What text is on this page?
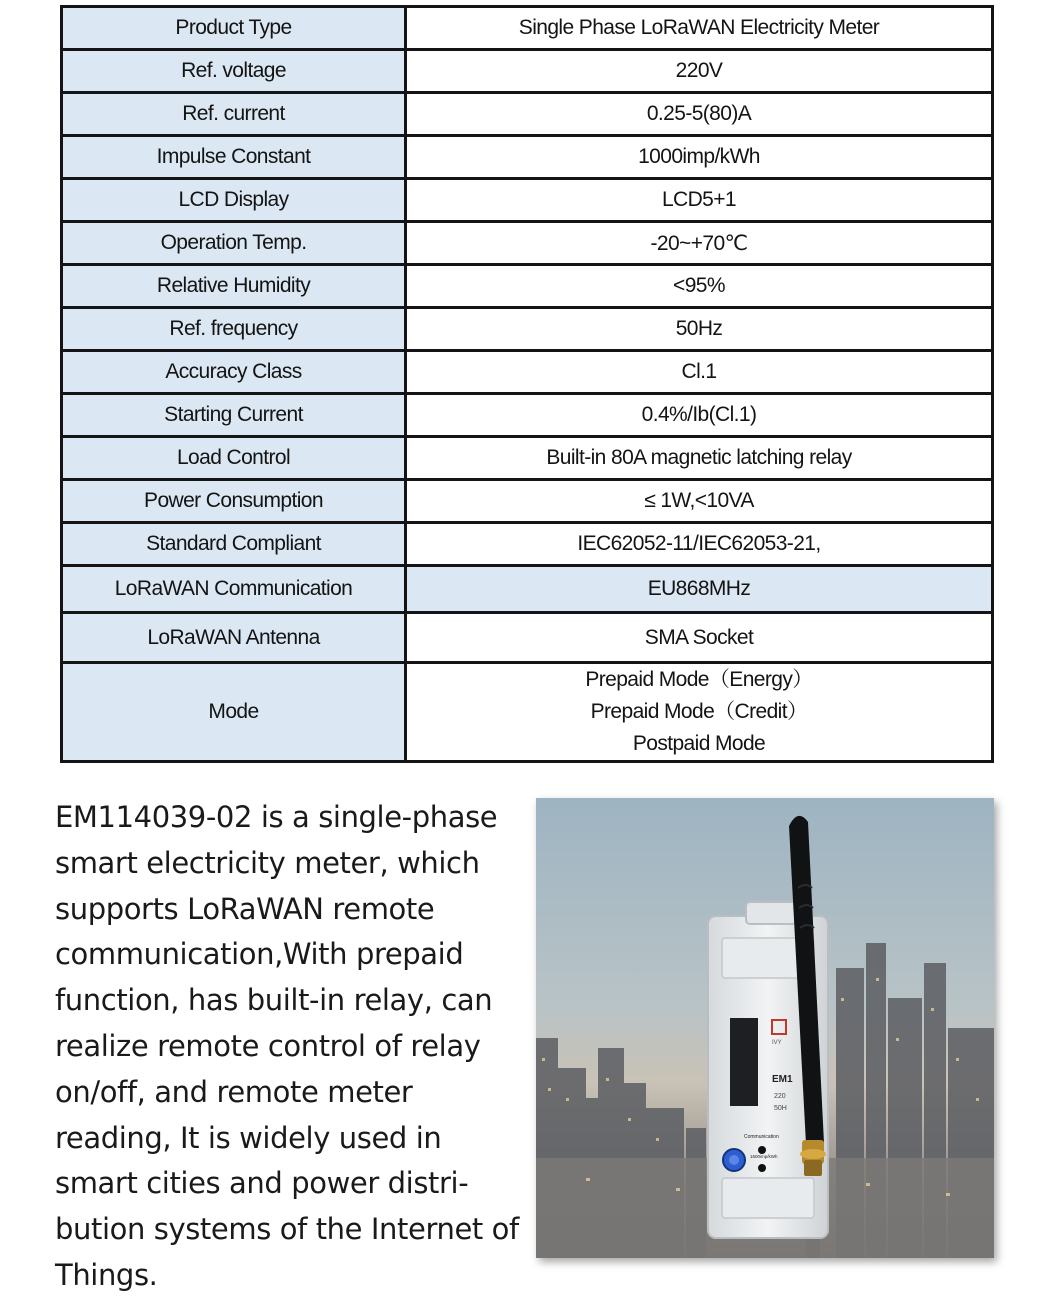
Product Type	Single Phase LoRaWAN Electricity Meter
Ref. voltage	220V
Ref. current	0.25-5(80)A
Impulse Constant	1000imp/kWh
LCD Display	LCD5+1
Operation Temp.	-20~+70℃
Relative Humidity	<95%
Ref. frequency	50Hz
Accuracy Class	Cl.1
Starting Current	0.4%/Ib(Cl.1)
Load Control	Built-in 80A magnetic latching relay
Power Consumption	≤ 1W,<10VA
Standard Compliant	IEC62052-11/IEC62053-21,
LoRaWAN Communication	EU868MHz
LoRaWAN Antenna	SMA Socket
Mode	Prepaid Mode（Energy）
Prepaid Mode（Credit）
Postpaid Mode

EM114039-02 is a single-phase smart electricity meter, which supports LoRaWAN remote communication,With prepaid function, has built-in relay, can realize remote control of relay on/off, and remote meter reading, It is widely used in smart cities and power distri-bution systems of the Internet of Things.

IVY
EM1
220
50H
Communication
1600imp/kWh
